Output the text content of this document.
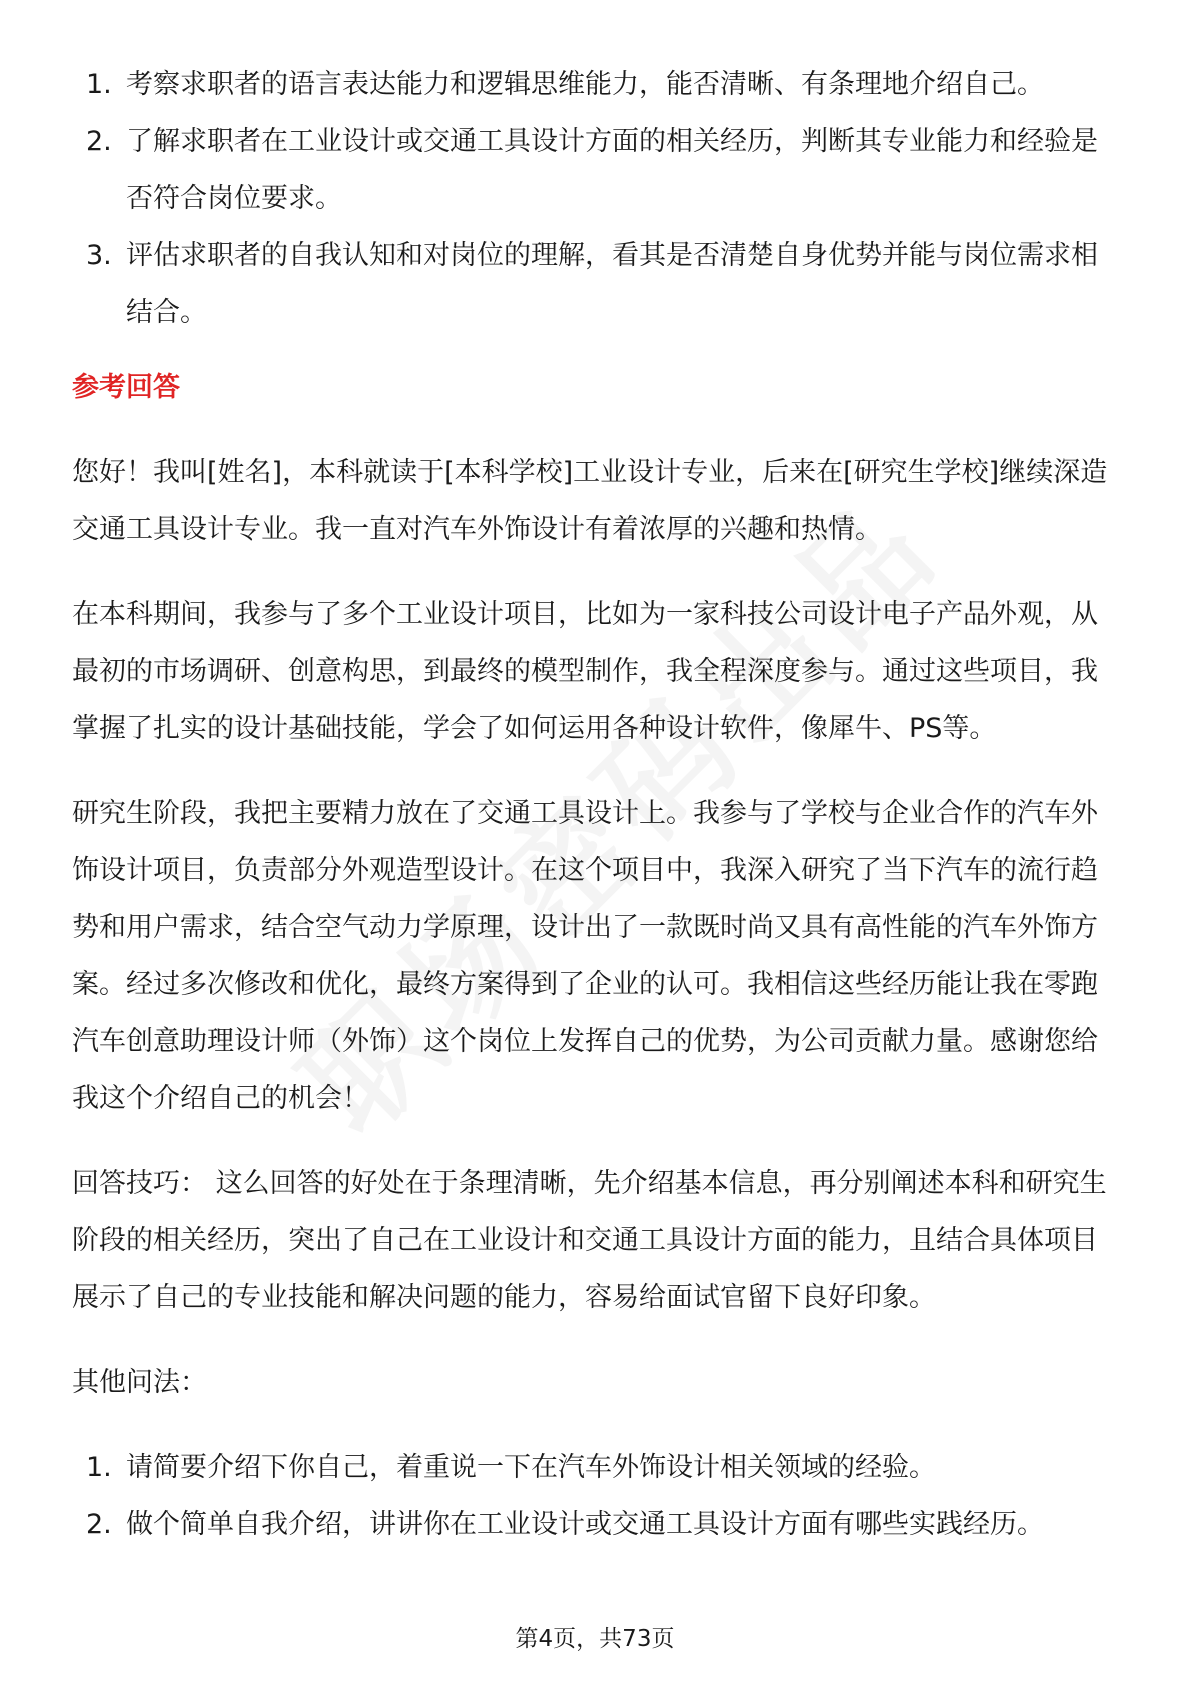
1. 考察求职者的语言表达能力和逻辑思维能力，能否清晰、有条理地介绍自己。
2. 了解求职者在工业设计或交通工具设计方面的相关经历，判断其专业能力和经验是否符合岗位要求。
3. 评估求职者的自我认知和对岗位的理解，看其是否清楚自身优势并能与岗位需求相结合。
参考回答

您好！我叫[姓名]，本科就读于[本科学校]工业设计专业，后来在[研究生学校]继续深造交通工具设计专业。我一直对汽车外饰设计有着浓厚的兴趣和热情。

在本科期间，我参与了多个工业设计项目，比如为一家科技公司设计电子产品外观，从最初的市场调研、创意构思，到最终的模型制作，我全程深度参与。通过这些项目，我掌握了扎实的设计基础技能，学会了如何运用各种设计软件，像犀牛、PS等。

研究生阶段，我把主要精力放在了交通工具设计上。我参与了学校与企业合作的汽车外饰设计项目，负责部分外观造型设计。在这个项目中，我深入研究了当下汽车的流行趋势和用户需求，结合空气动力学原理，设计出了一款既时尚又具有高性能的汽车外饰方案。经过多次修改和优化，最终方案得到了企业的认可。我相信这些经历能让我在零跑汽车创意助理设计师（外饰）这个岗位上发挥自己的优势，为公司贡献力量。感谢您给我这个介绍自己的机会！

回答技巧： 这么回答的好处在于条理清晰，先介绍基本信息，再分别阐述本科和研究生阶段的相关经历，突出了自己在工业设计和交通工具设计方面的能力，且结合具体项目展示了自己的专业技能和解决问题的能力，容易给面试官留下良好印象。

其他问法：

1. 请简要介绍下你自己，着重说一下在汽车外饰设计相关领域的经验。
2. 做个简单自我介绍，讲讲你在工业设计或交通工具设计方面有哪些实践经历。
第4页，共73页
